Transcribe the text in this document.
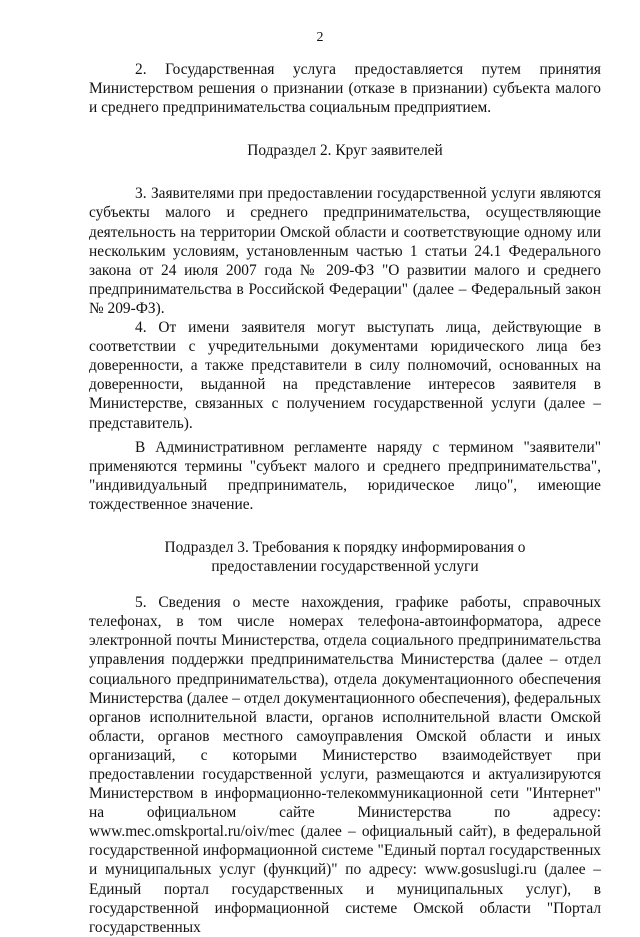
2

2. Государственная услуга предоставляется путем принятия Министерством решения о признании (отказе в признании) субъекта малого и среднего предпринимательства социальным предприятием.

Подраздел 2. Круг заявителей

3. Заявителями при предоставлении государственной услуги являются субъекты малого и среднего предпринимательства, осуществляющие деятельность на территории Омской области и соответствующие одному или нескольким условиям, установленным частью 1 статьи 24.1 Федерального закона от 24 июля 2007 года № 209-ФЗ "О развитии малого и среднего предпринимательства в Российской Федерации" (далее – Федеральный закон № 209-ФЗ).

4. От имени заявителя могут выступать лица, действующие в соответствии с учредительными документами юридического лица без доверенности, а также представители в силу полномочий, основанных на доверенности, выданной на представление интересов заявителя в Министерстве, связанных с получением государственной услуги (далее – представитель).

В Административном регламенте наряду с термином "заявители" применяются термины "субъект малого и среднего предпринимательства", "индивидуальный предприниматель, юридическое лицо", имеющие тождественное значение.

Подраздел 3. Требования к порядку информирования о

предоставлении государственной услуги

5. Сведения о месте нахождения, графике работы, справочных телефонах, в том числе номерах телефона-автоинформатора, адресе электронной почты Министерства, отдела социального предпринимательства управления поддержки предпринимательства Министерства (далее – отдел социального предпринимательства), отдела документационного обеспечения Министерства (далее – отдел документационного обеспечения), федеральных органов исполнительной власти, органов исполнительной власти Омской области, органов местного самоуправления Омской области и иных организаций, с которыми Министерство взаимодействует при предоставлении государственной услуги, размещаются и актуализируются Министерством в информационно-телекоммуникационной сети "Интернет" на официальном сайте Министерства по адресу: www.mec.omskportal.ru/oiv/mec (далее – официальный сайт), в федеральной государственной информационной системе "Единый портал государственных и муниципальных услуг (функций)" по адресу: www.gosuslugi.ru (далее – Единый портал государственных и муниципальных услуг), в государственной информационной системе Омской области "Портал государственных
